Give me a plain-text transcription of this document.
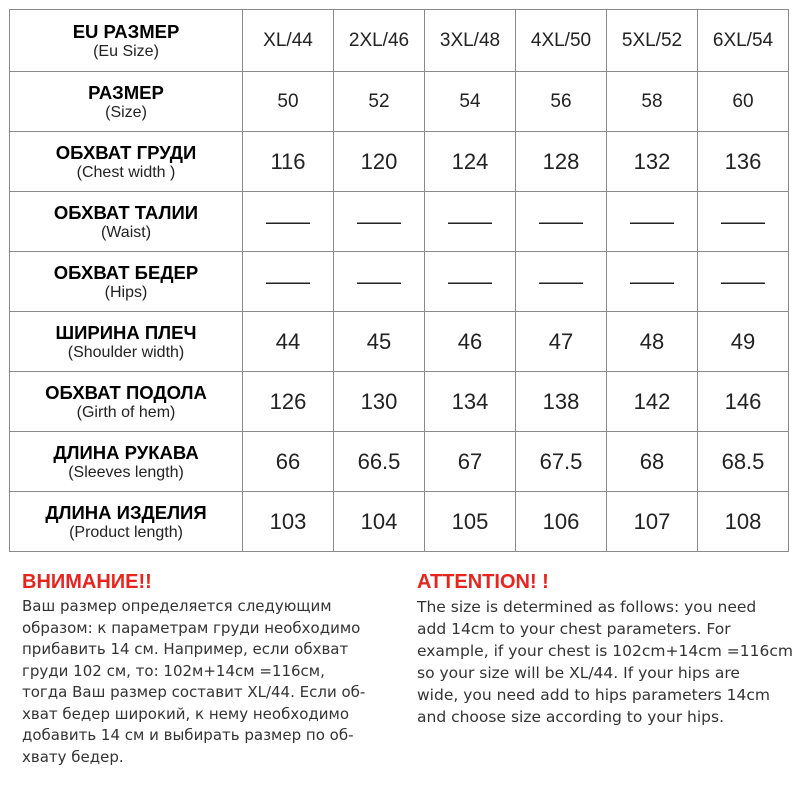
EU РАЗМЕР
(Eu Size)	XL/44	2XL/46	3XL/48	4XL/50	5XL/52	6XL/54

РАЗМЕР
(Size)	50	52	54	56	58	60

ОБХВАТ ГРУДИ
(Chest width )	116	120	124	128	132	136

ОБХВАТ ТАЛИИ
(Waist)	——	——	——	——	——	——

ОБХВАТ БЕДЕР
(Hips)	——	——	——	——	——	——

ШИРИНА ПЛЕЧ
(Shoulder width)	44	45	46	47	48	49

ОБХВАТ ПОДОЛА
(Girth of hem)	126	130	134	138	142	146

ДЛИНА РУКАВА
(Sleeves length)	66	66.5	67	67.5	68	68.5

ДЛИНА ИЗДЕЛИЯ
(Product length)	103	104	105	106	107	108
ВНИМАНИЕ!!
Ваш размер определяется следующим
образом: к параметрам груди необходимо
прибавить 14 см. Например, если обхват
груди 102 см, то: 102м+14см =116см,
тогда Ваш размер составит XL/44. Если об-
хват бедер широкий, к нему необходимо
добавить 14 см и выбирать размер по об-
хвату бедер.
ATTENTION! !
The size is determined as follows: you need
add 14cm to your chest parameters. For
example, if your chest is 102cm+14cm =116cm
so your size will be XL/44. If your hips are
wide, you need add to hips parameters 14cm
and choose size according to your hips.
